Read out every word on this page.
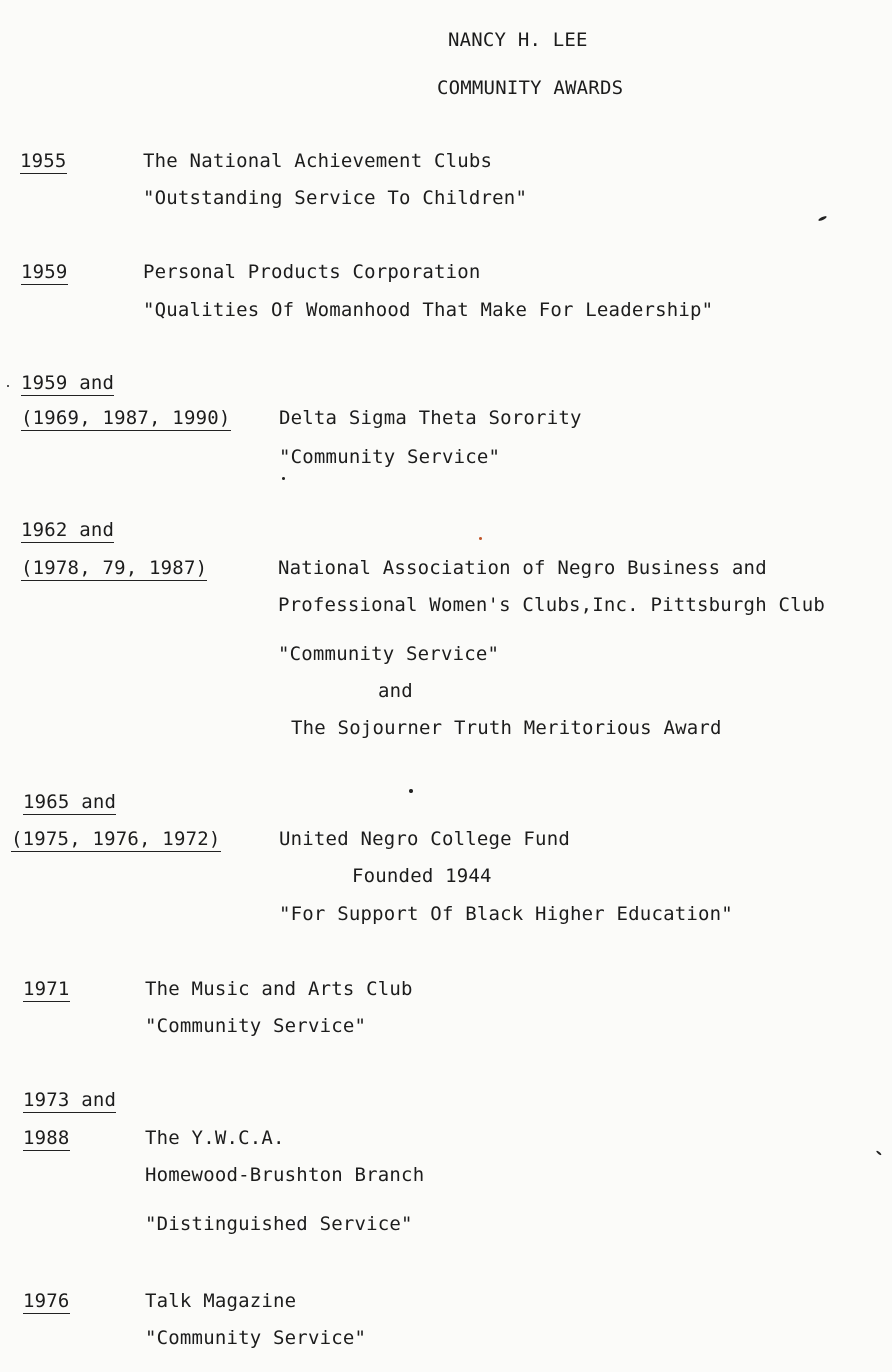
NANCY H. LEE
COMMUNITY AWARDS
1955	The National Achievement Clubs
"Outstanding Service To Children"
1959	Personal Products Corporation
"Qualities Of Womanhood That Make For Leadership"
1959 and
(1969, 1987, 1990)	Delta Sigma Theta Sorority
"Community Service"
1962 and
(1978, 79, 1987)	National Association of Negro Business and
Professional Women's Clubs,Inc. Pittsburgh Club
"Community Service"
and
The Sojourner Truth Meritorious Award
1965 and
(1975, 1976, 1972)	United Negro College Fund
Founded 1944
"For Support Of Black Higher Education"
1971	The Music and Arts Club
"Community Service"
1973 and
1988	The Y.W.C.A.
Homewood-Brushton Branch
"Distinguished Service"
1976	Talk Magazine
"Community Service"
